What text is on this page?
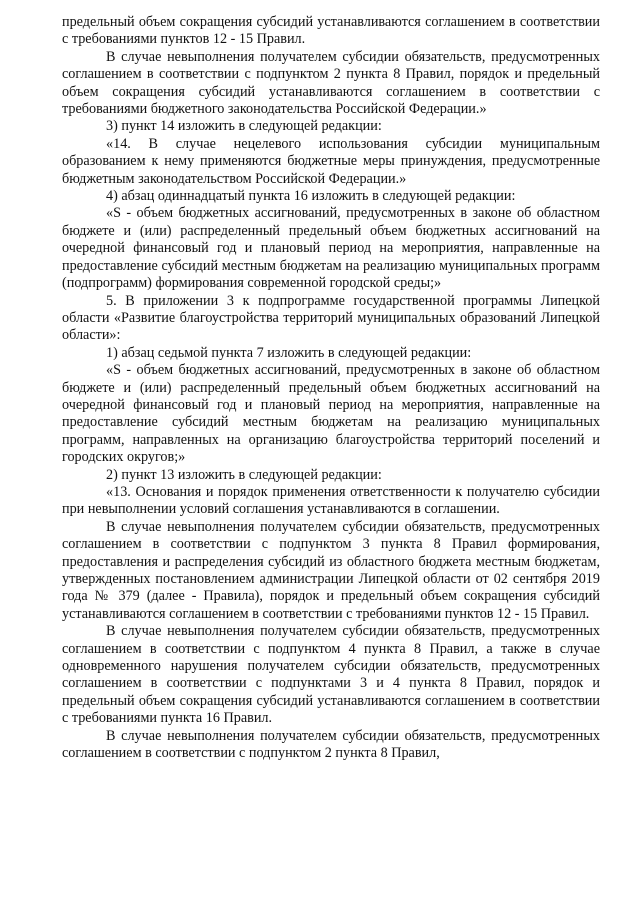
предельный объем сокращения субсидий устанавливаются соглашением в соответствии с требованиями пунктов 12 - 15 Правил.

В случае невыполнения получателем субсидии обязательств, предусмотренных соглашением в соответствии с подпунктом 2 пункта 8 Правил, порядок и предельный объем сокращения субсидий устанавливаются соглашением в соответствии с требованиями бюджетного законодательства Российской Федерации.»

3) пункт 14 изложить в следующей редакции:

«14. В случае нецелевого использования субсидии муниципальным образованием к нему применяются бюджетные меры принуждения, предусмотренные бюджетным законодательством Российской Федерации.»

4) абзац одиннадцатый пункта 16 изложить в следующей редакции:

«S - объем бюджетных ассигнований, предусмотренных в законе об областном бюджете и (или) распределенный предельный объем бюджетных ассигнований на очередной финансовый год и плановый период на мероприятия, направленные на предоставление субсидий местным бюджетам на реализацию муниципальных программ (подпрограмм) формирования современной городской среды;»

5. В приложении 3 к подпрограмме государственной программы Липецкой области «Развитие благоустройства территорий муниципальных образований Липецкой области»:

1) абзац седьмой пункта 7 изложить в следующей редакции:

«S - объем бюджетных ассигнований, предусмотренных в законе об областном бюджете и (или) распределенный предельный объем бюджетных ассигнований на очередной финансовый год и плановый период на мероприятия, направленные на предоставление субсидий местным бюджетам на реализацию муниципальных программ, направленных на организацию благоустройства территорий поселений и городских округов;»

2) пункт 13 изложить в следующей редакции:

«13. Основания и порядок применения ответственности к получателю субсидии при невыполнении условий соглашения устанавливаются в соглашении.

В случае невыполнения получателем субсидии обязательств, предусмотренных соглашением в соответствии с подпунктом 3 пункта 8 Правил формирования, предоставления и распределения субсидий из областного бюджета местным бюджетам, утвержденных постановлением администрации Липецкой области от 02 сентября 2019 года № 379 (далее - Правила), порядок и предельный объем сокращения субсидий устанавливаются соглашением в соответствии с требованиями пунктов 12 - 15 Правил.

В случае невыполнения получателем субсидии обязательств, предусмотренных соглашением в соответствии с подпунктом 4 пункта 8 Правил, а также в случае одновременного нарушения получателем субсидии обязательств, предусмотренных соглашением в соответствии с подпунктами 3 и 4 пункта 8 Правил, порядок и предельный объем сокращения субсидий устанавливаются соглашением в соответствии с требованиями пункта 16 Правил.

В случае невыполнения получателем субсидии обязательств, предусмотренных соглашением в соответствии с подпунктом 2 пункта 8 Правил,
